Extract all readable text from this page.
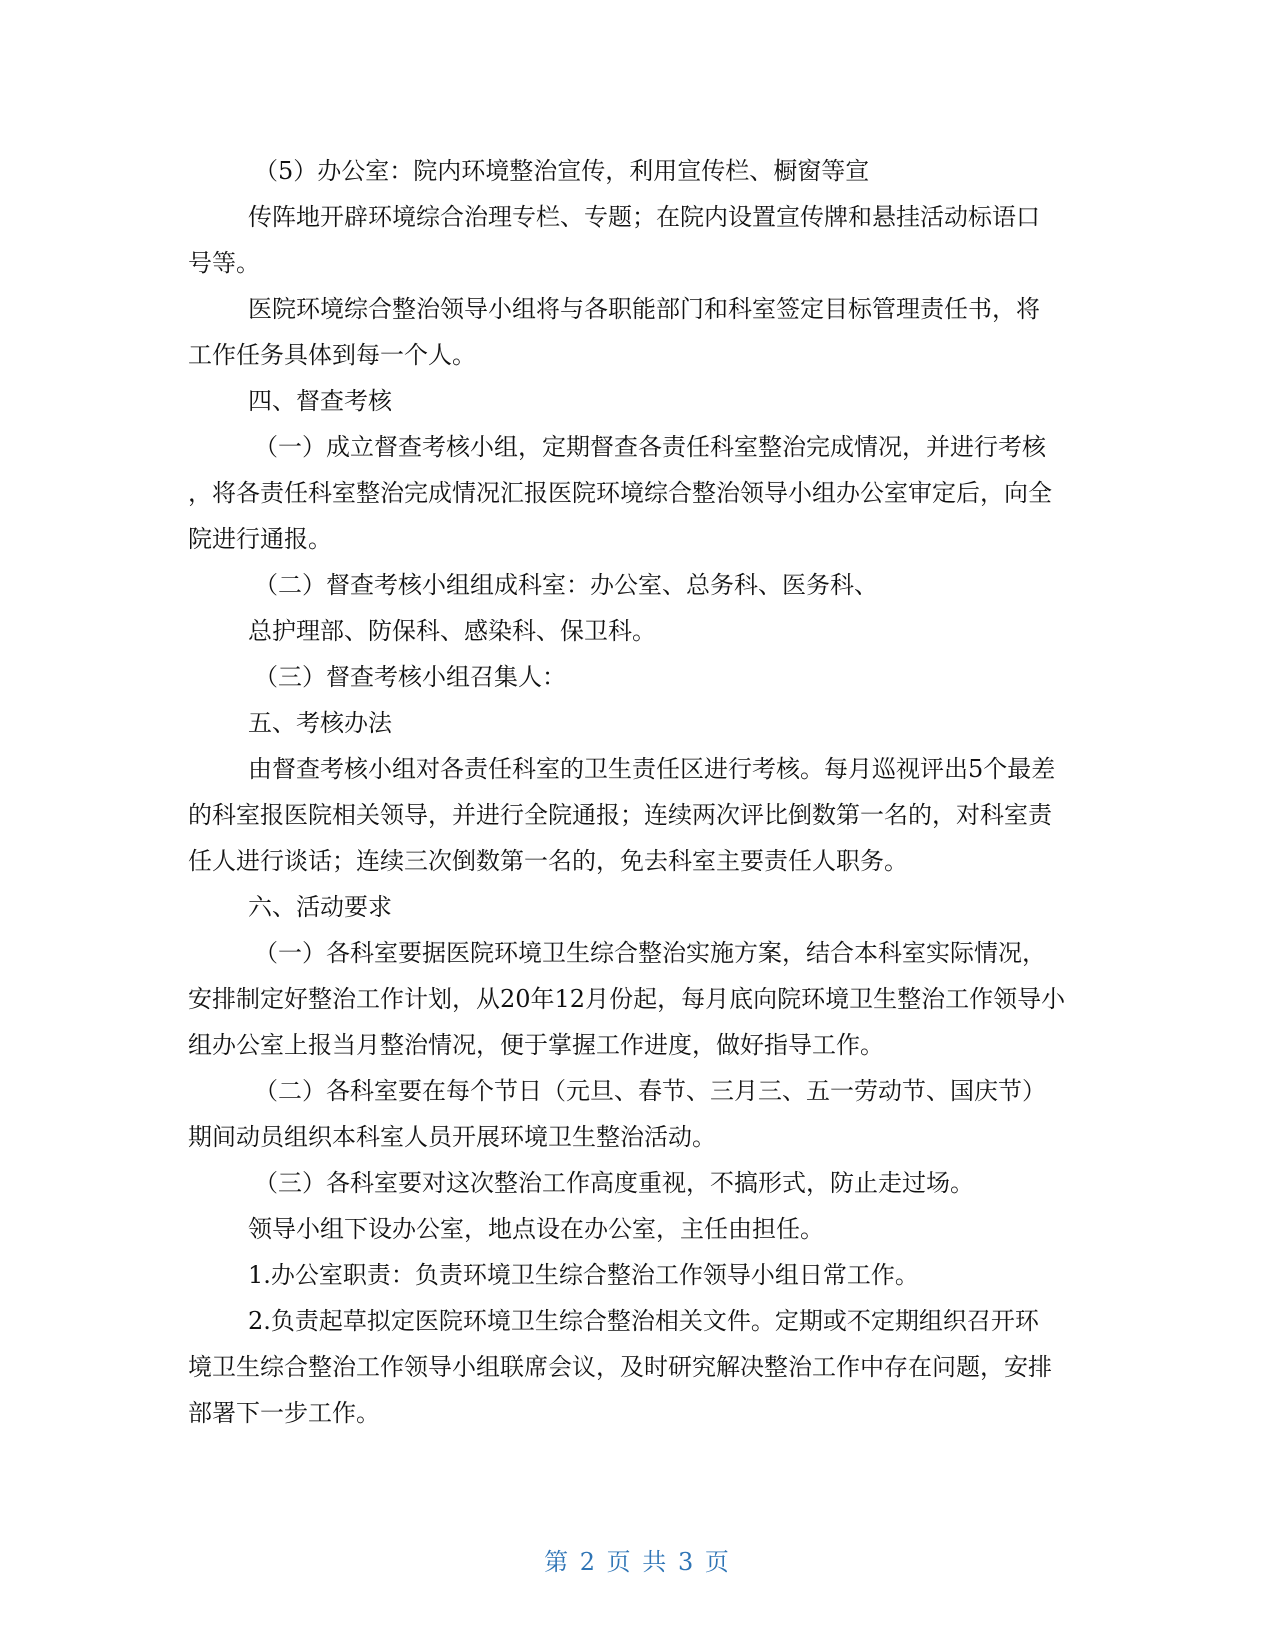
（5）办公室：院内环境整治宣传，利用宣传栏、橱窗等宣
传阵地开辟环境综合治理专栏、专题；在院内设置宣传牌和悬挂活动标语口
号等。
医院环境综合整治领导小组将与各职能部门和科室签定目标管理责任书，将
工作任务具体到每一个人。
四、督查考核
（一）成立督查考核小组，定期督查各责任科室整治完成情况，并进行考核
，将各责任科室整治完成情况汇报医院环境综合整治领导小组办公室审定后，向全
院进行通报。
（二）督查考核小组组成科室：办公室、总务科、医务科、
总护理部、防保科、感染科、保卫科。
（三）督查考核小组召集人：
五、考核办法
由督查考核小组对各责任科室的卫生责任区进行考核。每月巡视评出5个最差
的科室报医院相关领导，并进行全院通报；连续两次评比倒数第一名的，对科室责
任人进行谈话；连续三次倒数第一名的，免去科室主要责任人职务。
六、活动要求
（一）各科室要据医院环境卫生综合整治实施方案，结合本科室实际情况，
安排制定好整治工作计划，从20年12月份起，每月底向院环境卫生整治工作领导小
组办公室上报当月整治情况，便于掌握工作进度，做好指导工作。
（二）各科室要在每个节日（元旦、春节、三月三、五一劳动节、国庆节）
期间动员组织本科室人员开展环境卫生整治活动。
（三）各科室要对这次整治工作高度重视，不搞形式，防止走过场。
领导小组下设办公室，地点设在办公室，主任由担任。
1.办公室职责：负责环境卫生综合整治工作领导小组日常工作。
2.负责起草拟定医院环境卫生综合整治相关文件。定期或不定期组织召开环
境卫生综合整治工作领导小组联席会议，及时研究解决整治工作中存在问题，安排
部署下一步工作。
第 2 页 共 3 页
